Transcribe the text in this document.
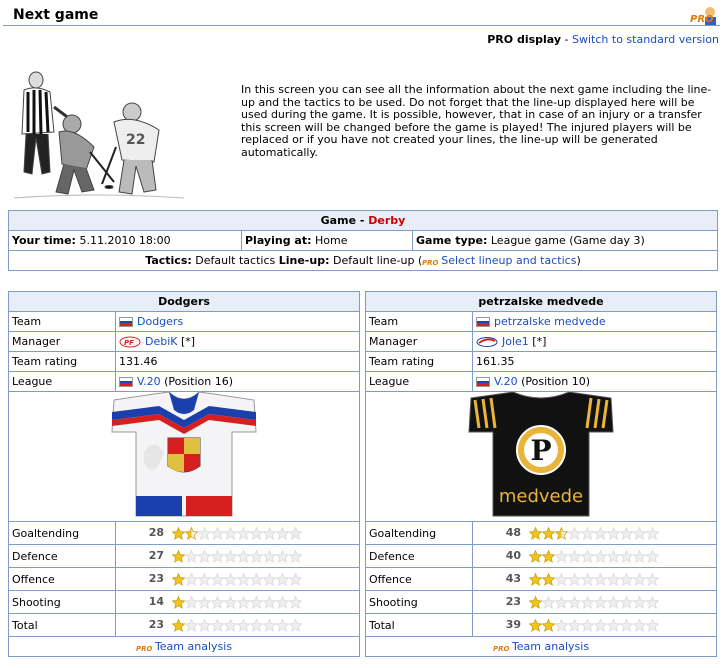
Next game	PRO
PRO display - Switch to standard version
22
In this screen you can see all the information about the next game including the line-up and the tactics to be used. Do not forget that the line-up displayed here will be used during the game. It is possible, however, that in case of an injury or a transfer this screen will be changed before the game is played! The injured players will be replaced or if you have not created your lines, the line-up will be generated automatically.
Game - Derby
Your time: 5.11.2010 18:00	Playing at: Home	Game type: League game (Game day 3)
Tactics: Default tactics Line-up: Default line-up ( PRO Select lineup and tactics)
Dodgers	
Team	Dodgers
Manager	PF DebiK [*]
Team rating	131.46
League	V.20 (Position 16)

Goaltending	28

Defence	27

Offence	23

Shooting	14

Total	23

PRO Team analysis	
petrzalske medvede	
Team	petrzalske medvede
Manager	Jole1 [*]
Team rating	161.35
League	V.20 (Position 10)

P
medvede	

Goaltending	48

Defence	40

Offence	43

Shooting	23

Total	39

PRO Team analysis	
